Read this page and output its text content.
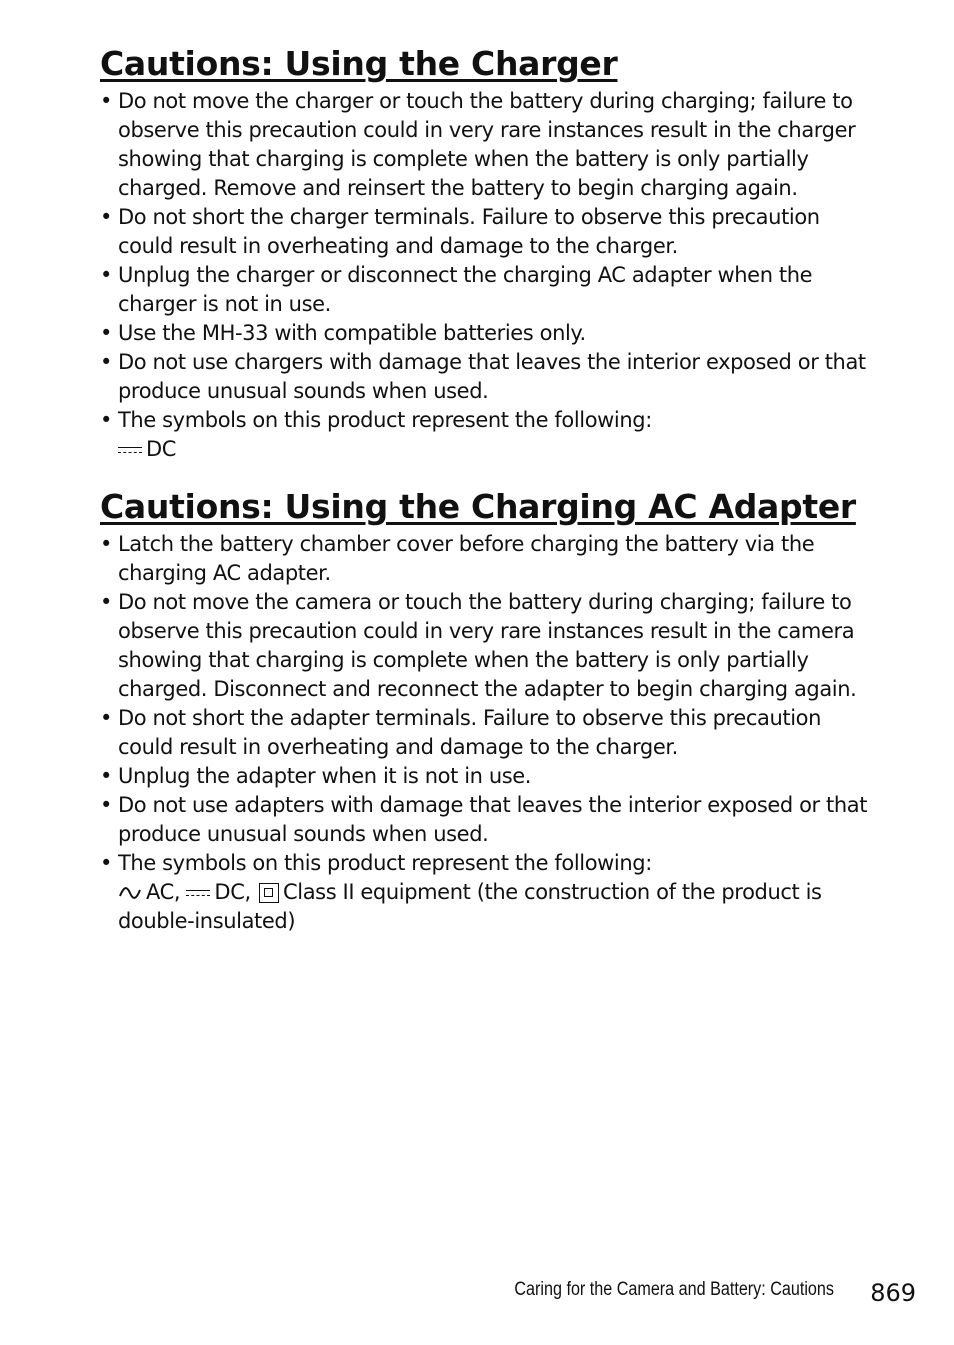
Cautions: Using the Charger
• Do not move the charger or touch the battery during charging; failure to
observe this precaution could in very rare instances result in the charger
showing that charging is complete when the battery is only partially
charged. Remove and reinsert the battery to begin charging again.
• Do not short the charger terminals. Failure to observe this precaution
could result in overheating and damage to the charger.
• Unplug the charger or disconnect the charging AC adapter when the
charger is not in use.
• Use the MH-33 with compatible batteries only.
• Do not use chargers with damage that leaves the interior exposed or that
produce unusual sounds when used.
• The symbols on this product represent the following:
DC
Cautions: Using the Charging AC Adapter
• Latch the battery chamber cover before charging the battery via the
charging AC adapter.
• Do not move the camera or touch the battery during charging; failure to
observe this precaution could in very rare instances result in the camera
showing that charging is complete when the battery is only partially
charged. Disconnect and reconnect the adapter to begin charging again.
• Do not short the adapter terminals. Failure to observe this precaution
could result in overheating and damage to the charger.
• Unplug the adapter when it is not in use.
• Do not use adapters with damage that leaves the interior exposed or that
produce unusual sounds when used.
• The symbols on this product represent the following:
AC, DC, Class II equipment (the construction of the product is
double-insulated)
Caring for the Camera and Battery: Cautions 869
